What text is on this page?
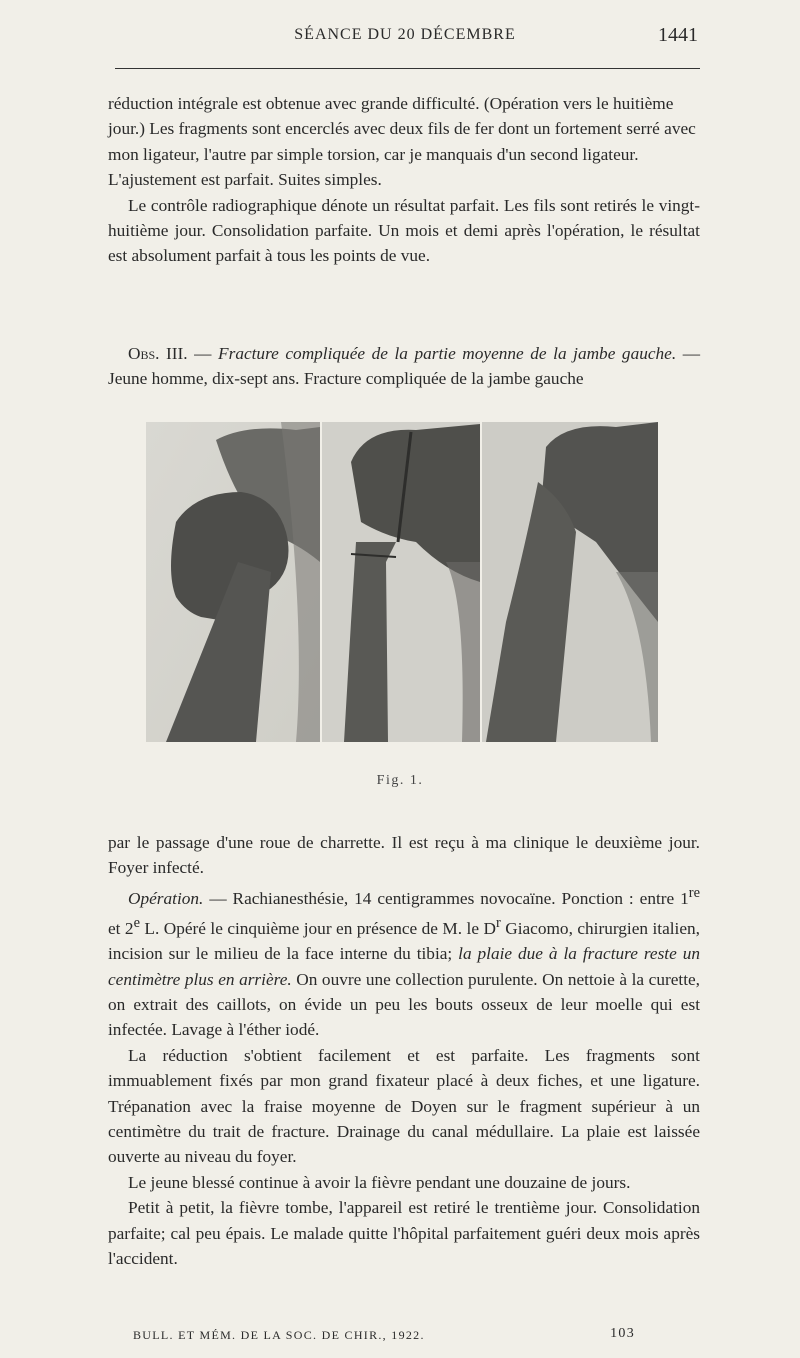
SÉANCE DU 20 DÉCEMBRE	1441

réduction intégrale est obtenue avec grande difficulté. (Opération vers le huitième jour.) Les fragments sont encerclés avec deux fils de fer dont un fortement serré avec mon ligateur, l'autre par simple torsion, car je manquais d'un second ligateur. L'ajustement est parfait. Suites simples.

Le contrôle radiographique dénote un résultat parfait. Les fils sont retirés le vingt-huitième jour. Consolidation parfaite. Un mois et demi après l'opération, le résultat est absolument parfait à tous les points de vue.

Obs. III. — Fracture compliquée de la partie moyenne de la jambe gauche. — Jeune homme, dix-sept ans. Fracture compliquée de la jambe gauche

Fig. 1.

par le passage d'une roue de charrette. Il est reçu à ma clinique le deuxième jour. Foyer infecté.

Opération. — Rachianesthésie, 14 centigrammes novocaïne. Ponction : entre 1re et 2e L. Opéré le cinquième jour en présence de M. le $D^r$ Giacomo, chirurgien italien, incision sur le milieu de la face interne du tibia; la plaie due à la fracture reste un centimètre plus en arrière. On ouvre une collection purulente. On nettoie à la curette, on extrait des caillots, on évide un peu les bouts osseux de leur moelle qui est infectée. Lavage à l'éther iodé.

La réduction s'obtient facilement et est parfaite. Les fragments sont immuablement fixés par mon grand fixateur placé à deux fiches, et une ligature. Trépanation avec la fraise moyenne de Doyen sur le fragment supérieur à un centimètre du trait de fracture. Drainage du canal médullaire. La plaie est laissée ouverte au niveau du foyer.

Le jeune blessé continue à avoir la fièvre pendant une douzaine de jours.

Petit à petit, la fièvre tombe, l'appareil est retiré le trentième jour. Consolidation parfaite; cal peu épais. Le malade quitte l'hôpital parfaitement guéri deux mois après l'accident.

BULL. ET MÉM. DE LA SOC. DE CHIR., 1922.	103
